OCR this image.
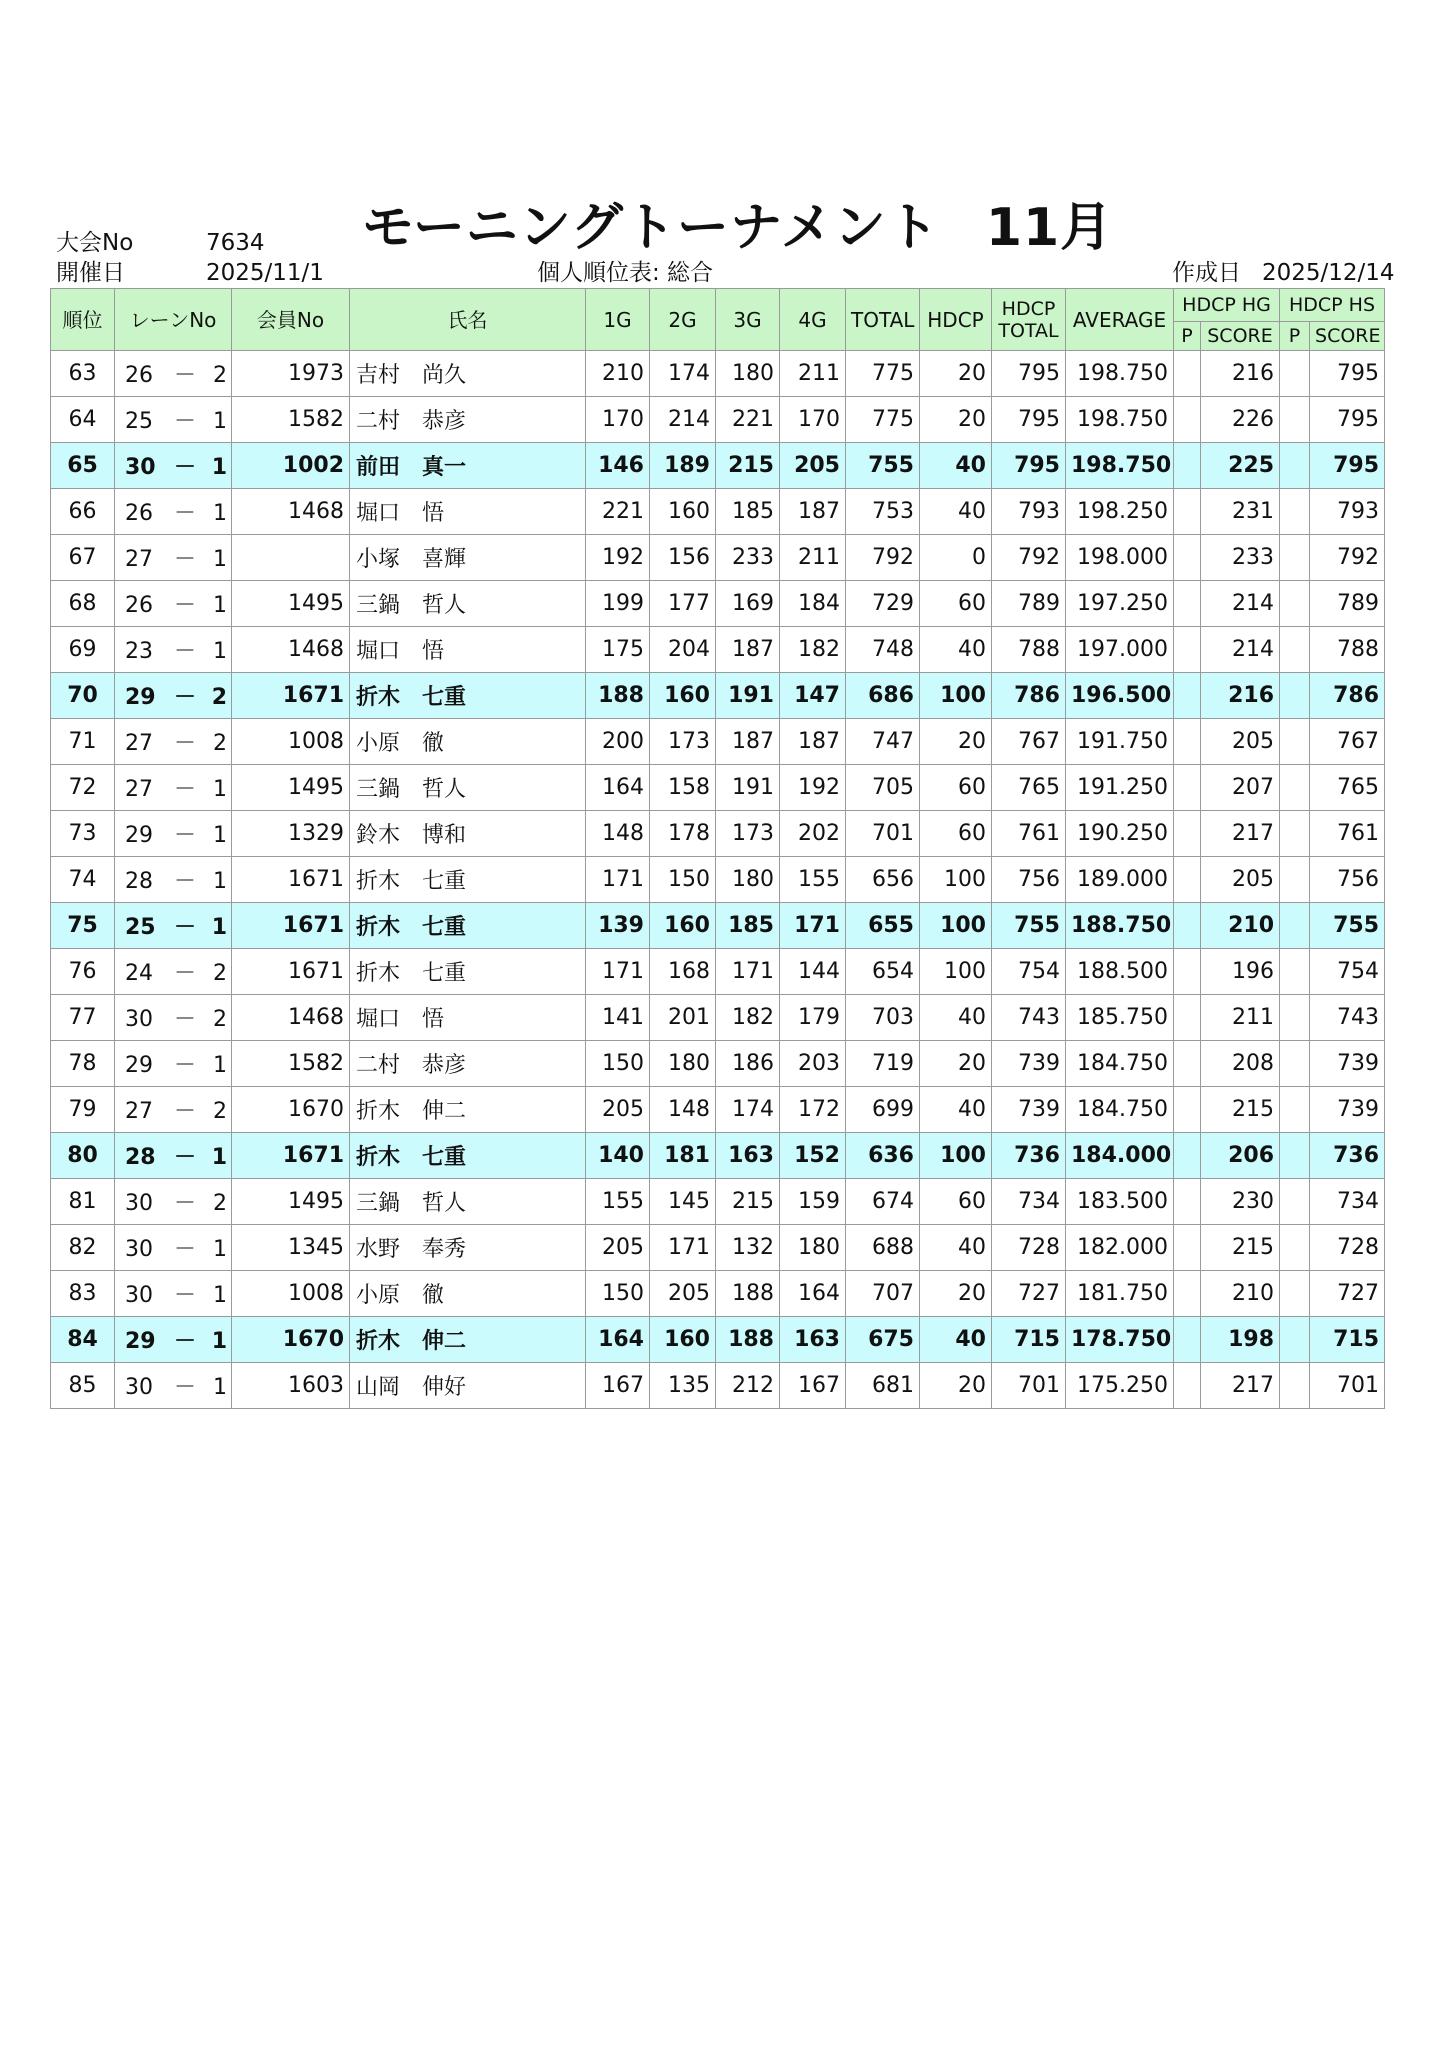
大会No	7634 モーニングトーナメント 11月
開催日	2025/11/1	個人順位表: 総合	作成日 2025/12/14
順位	レーンNo	会員No	氏名	1G	2G	3G	4G	TOTAL	HDCP	HDCP
TOTAL	AVERAGE	HDCP HG		HDCP HS	
												P	SCORE	P	SCORE
63	26 － 2	1973	吉村　尚久	210	174	180	211	775	20	795	198.750		216		795
64	25 － 1	1582	二村　恭彦	170	214	221	170	775	20	795	198.750		226		795
65	30 － 1	1002	前田　真一	146	189	215	205	755	40	795	198.750		225		795
66	26 － 1	1468	堀口　悟	221	160	185	187	753	40	793	198.250		231		793
67	27 － 1		小塚　喜輝	192	156	233	211	792	0	792	198.000		233		792
68	26 － 1	1495	三鍋　哲人	199	177	169	184	729	60	789	197.250		214		789
69	23 － 1	1468	堀口　悟	175	204	187	182	748	40	788	197.000		214		788
70	29 － 2	1671	折木　七重	188	160	191	147	686	100	786	196.500		216		786
71	27 － 2	1008	小原　徹	200	173	187	187	747	20	767	191.750		205		767
72	27 － 1	1495	三鍋　哲人	164	158	191	192	705	60	765	191.250		207		765
73	29 － 1	1329	鈴木　博和	148	178	173	202	701	60	761	190.250		217		761
74	28 － 1	1671	折木　七重	171	150	180	155	656	100	756	189.000		205		756
75	25 － 1	1671	折木　七重	139	160	185	171	655	100	755	188.750		210		755
76	24 － 2	1671	折木　七重	171	168	171	144	654	100	754	188.500		196		754
77	30 － 2	1468	堀口　悟	141	201	182	179	703	40	743	185.750		211		743
78	29 － 1	1582	二村　恭彦	150	180	186	203	719	20	739	184.750		208		739
79	27 － 2	1670	折木　伸二	205	148	174	172	699	40	739	184.750		215		739
80	28 － 1	1671	折木　七重	140	181	163	152	636	100	736	184.000		206		736
81	30 － 2	1495	三鍋　哲人	155	145	215	159	674	60	734	183.500		230		734
82	30 － 1	1345	水野　奉秀	205	171	132	180	688	40	728	182.000		215		728
83	30 － 1	1008	小原　徹	150	205	188	164	707	20	727	181.750		210		727
84	29 － 1	1670	折木　伸二	164	160	188	163	675	40	715	178.750		198		715
85	30 － 1	1603	山岡　伸好	167	135	212	167	681	20	701	175.250		217		701
